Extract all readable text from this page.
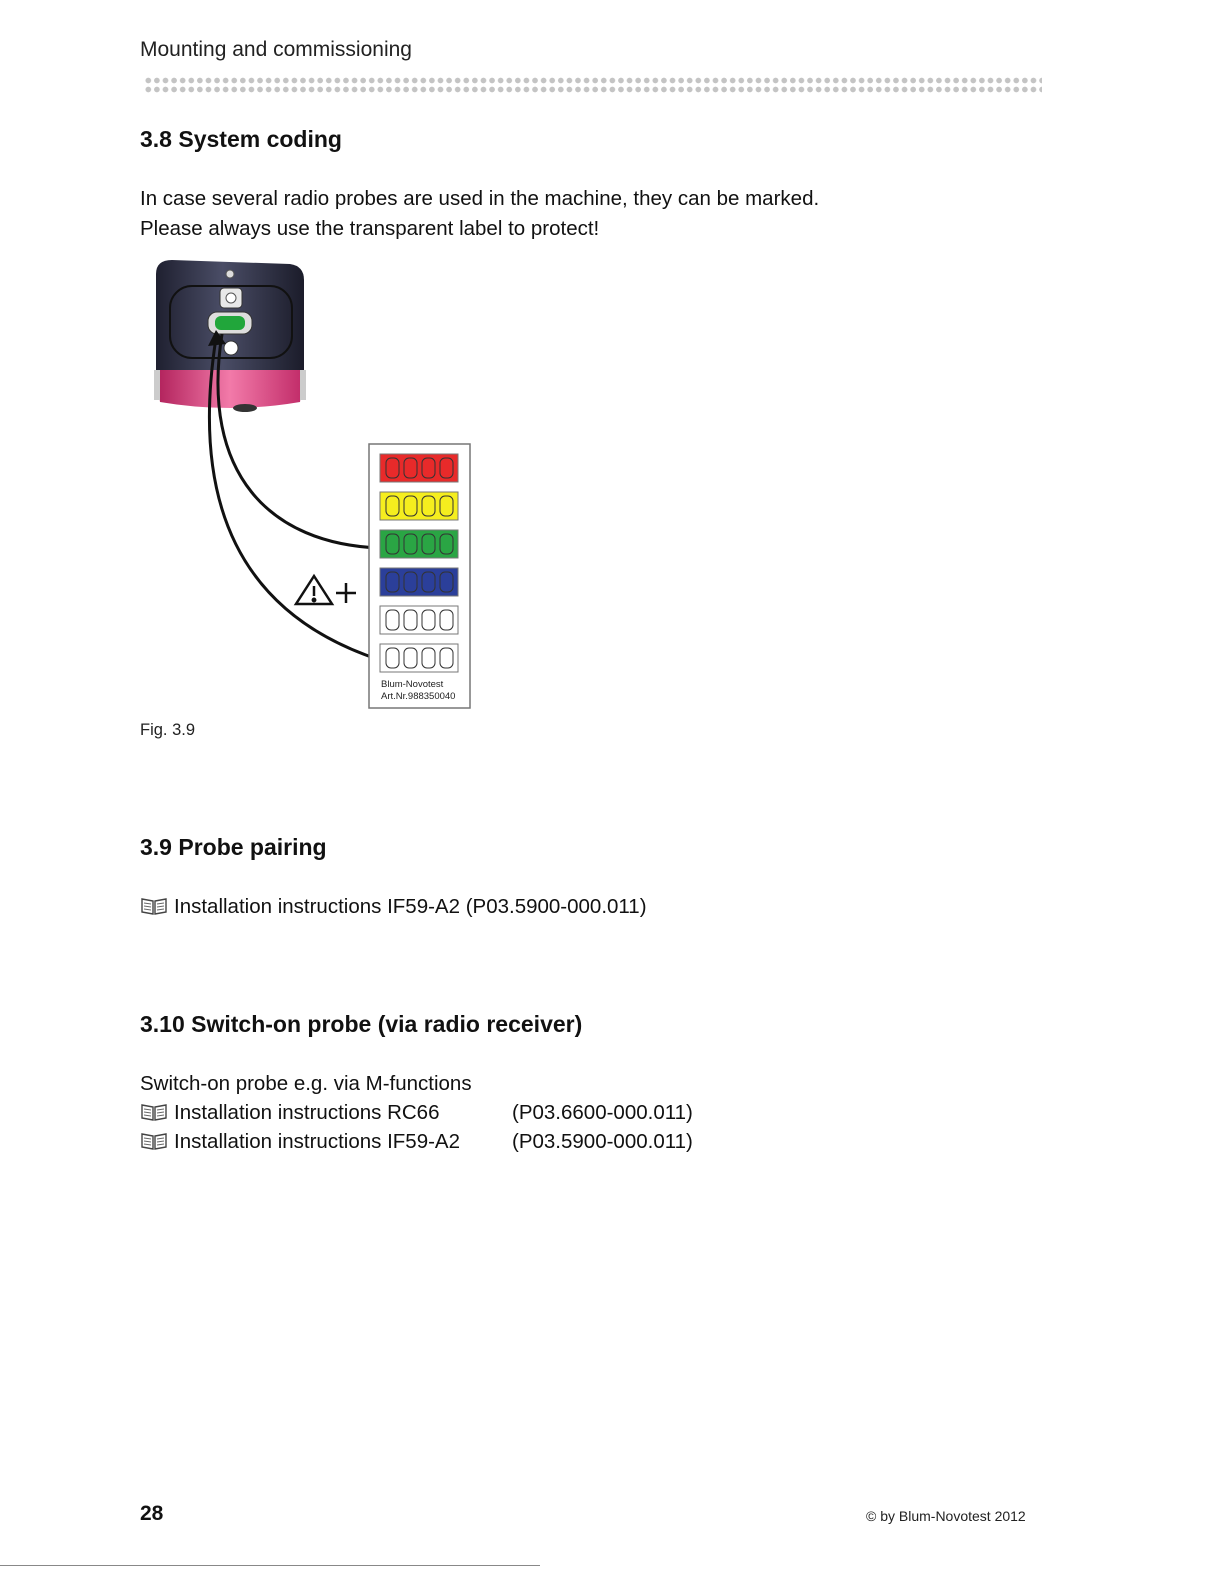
Mounting and commissioning
3.8 System coding
In case several radio probes are used in the machine, they can be marked.
Please always use the transparent label to protect!
Blum-Novotest
Art.Nr.988350040
Fig. 3.9
3.9 Probe pairing
Installation instructions IF59-A2 (P03.5900-000.011)
3.10 Switch-on probe (via radio receiver)
Switch-on probe e.g. via M-functions
Installation instructions RC66	(P03.6600-000.011)
Installation instructions IF59-A2	(P03.5900-000.011)
28	© by Blum-Novotest 2012
